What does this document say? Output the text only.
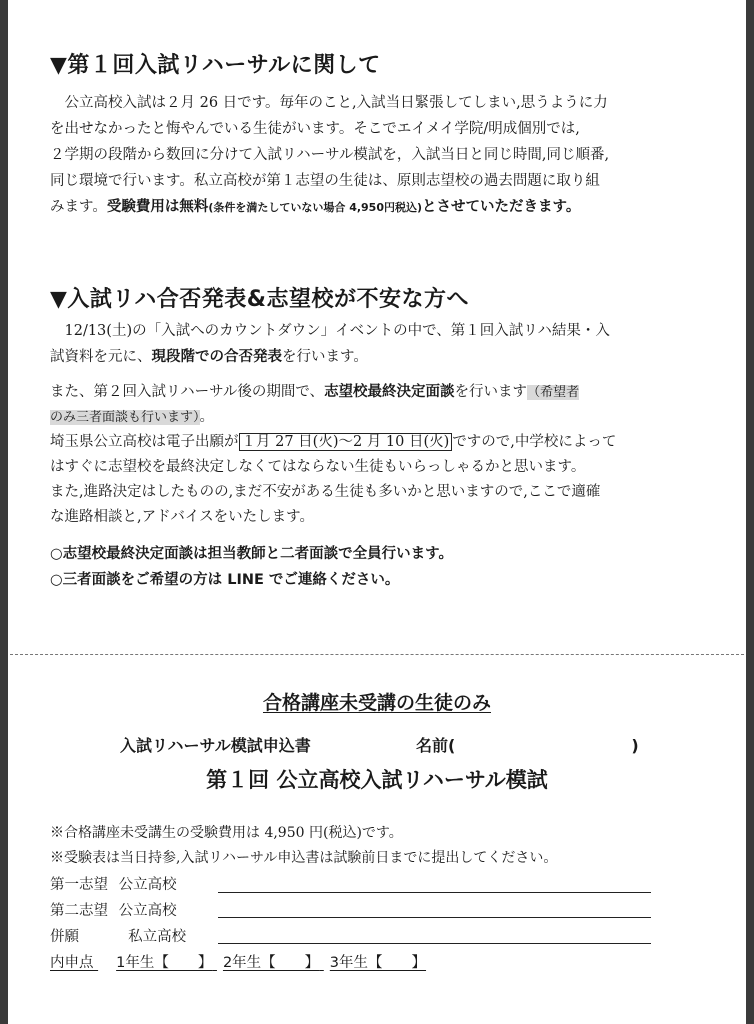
▼第１回入試リハーサルに関して
　公立高校入試は２月 26 日です。毎年のこと,入試当日緊張してしまい,思うように力
を出せなかったと悔やんでいる生徒がいます。そこでエイメイ学院/明成個別では,
２学期の段階から数回に分けて入試リハーサル模試を，入試当日と同じ時間,同じ順番,
同じ環境で行います。私立高校が第１志望の生徒は、原則志望校の過去問題に取り組
みます。受験費用は無料(条件を満たしていない場合 4,950円税込)とさせていただきます。
▼入試リハ合否発表&志望校が不安な方へ
　12/13(土)の「入試へのカウントダウン」イベントの中で、第１回入試リハ結果・入
試資料を元に、現段階での合否発表を行います。
また、第２回入試リハーサル後の期間で、志望校最終決定面談を行います（希望者
のみ三者面談も行います）。
埼玉県公立高校は電子出願が １月 27 日(火)〜2 月 10 日(火) ですので,中学校によって
はすぐに志望校を最終決定しなくてはならない生徒もいらっしゃるかと思います。
また,進路決定はしたものの,まだ不安がある生徒も多いかと思いますので,ここで適確
な進路相談と,アドバイスをいたします。
○志望校最終決定面談は担当教師と二者面談で全員行います。
○三者面談をご希望の方は LINE でご連絡ください。
合格講座未受講の生徒のみ
入試リハーサル模試申込書	名前(　　　　　　　　　　　)
第１回 公立高校入試リハーサル模試
※合格講座未受講生の受験費用は 4,950 円(税込)です。
※受験表は当日持参,入試リハーサル申込書は試験前日までに提出してください。
第一志望 公立高校
第二志望 公立高校
併願　 私立高校
内申点 1年生【　　】 2年生【　　】 3年生【　　】
